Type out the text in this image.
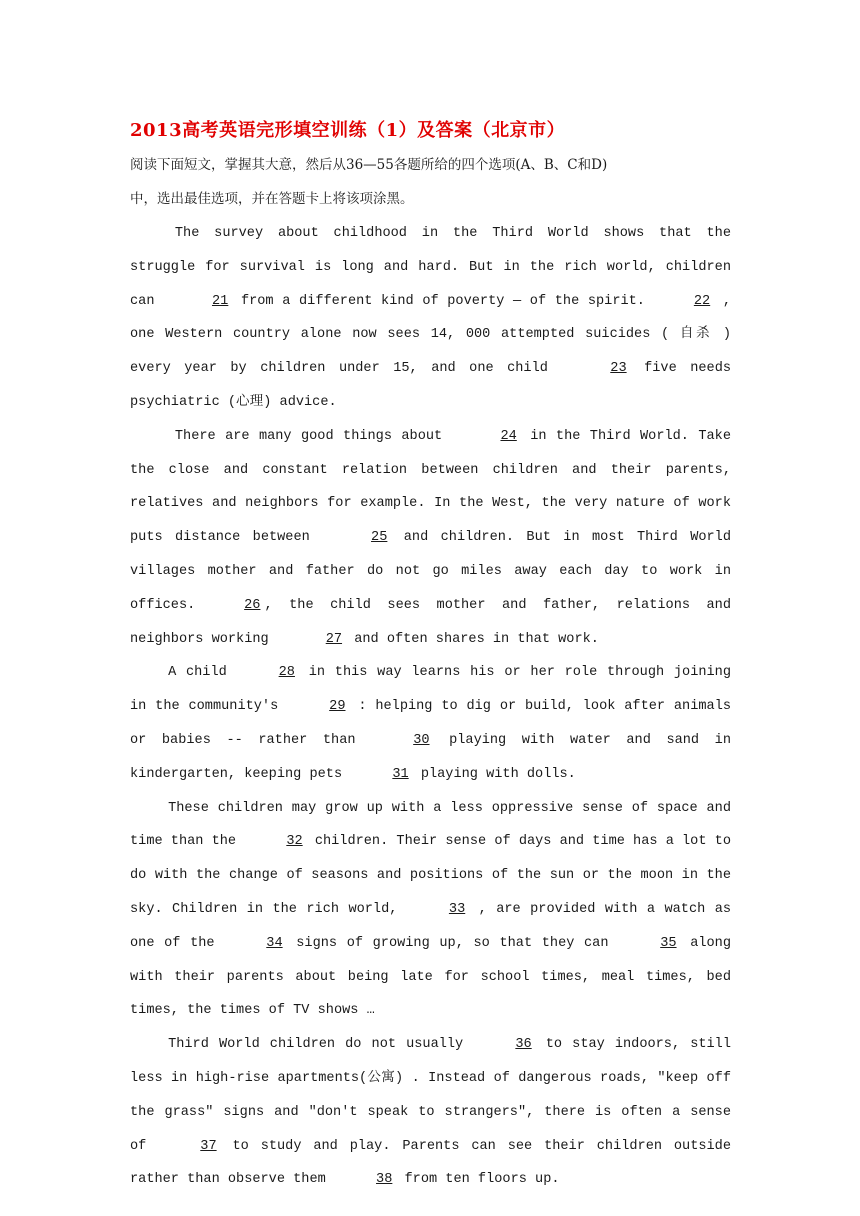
2013高考英语完形填空训练（1）及答案（北京市）
阅读下面短文，掌握其大意，然后从36—55各题所给的四个选项(A、B、C和D)
中，选出最佳选项，并在答题卡上将该项涂黑。

The survey about childhood in the Third World shows that the struggle for survival is long and hard. But in the rich world, children can	21 from a different kind of poverty — of the spirit.	22 , one Western country alone now sees 14, 000 attempted suicides ( 自杀 ) every year by children under 15, and one child	23 five needs psychiatric (心理) advice.

There are many good things about	24 in the Third World. Take the close and constant relation between children and their parents, relatives and neighbors for example. In the West, the very nature of work puts distance between	25 and children. But in most Third World villages mother and father do not go miles away each day to work in offices.	26 , the child sees mother and father, relations and neighbors working	27 and often shares in that work.

A child	28 in this way learns his or her role through joining in the community's	29 : helping to dig or build, look after animals or babies -- rather than	30 playing with water and sand in kindergarten, keeping pets	31 playing with dolls.

These children may grow up with a less oppressive sense of space and time than the	32 children. Their sense of days and time has a lot to do with the change of seasons and positions of the sun or the moon in the sky. Children in the rich world,	33 , are provided with a watch as one of the	34 signs of growing up, so that they can	35 along with their parents about being late for school times, meal times, bed times, the times of TV shows …

Third World children do not usually	36 to stay indoors, still less in high-rise apartments(公寓) . Instead of dangerous roads, "keep off the grass" signs and "don't speak to strangers", there is often a sense of	37 to study and play. Parents can see their children outside rather than observe them	38 from ten floors up.
